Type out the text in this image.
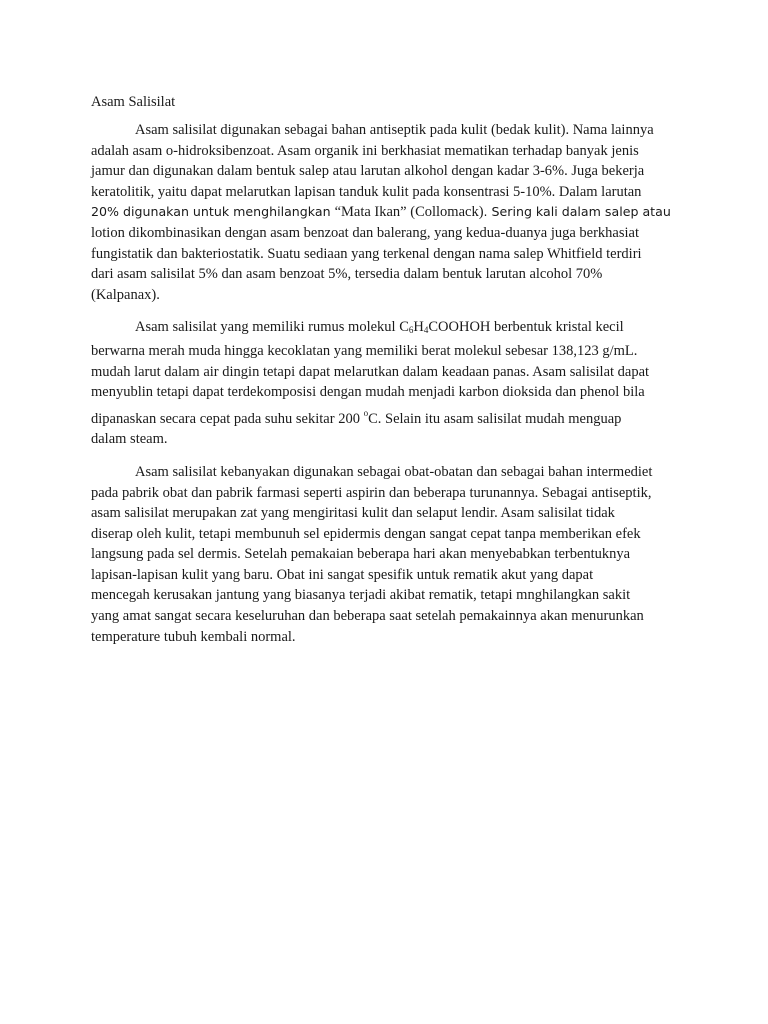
Asam Salisilat
Asam salisilat digunakan sebagai bahan antiseptik pada kulit (bedak kulit). Nama lainnya
adalah asam o-hidroksibenzoat. Asam organik ini berkhasiat mematikan terhadap banyak jenis
jamur dan digunakan dalam bentuk salep atau larutan alkohol dengan kadar 3-6%. Juga bekerja
keratolitik, yaitu dapat melarutkan lapisan tanduk kulit pada konsentrasi 5-10%. Dalam larutan
20% digunakan untuk menghilangkan “Mata Ikan” (Collomack). Sering kali dalam salep atau
lotion dikombinasikan dengan asam benzoat dan balerang, yang kedua-duanya juga berkhasiat
fungistatik dan bakteriostatik. Suatu sediaan yang terkenal dengan nama salep Whitfield terdiri
dari asam salisilat 5% dan asam benzoat 5%, tersedia dalam bentuk larutan alcohol 70%
(Kalpanax).
Asam salisilat yang memiliki rumus molekul $C_6H_4COOHOH$ berbentuk kristal kecil
berwarna merah muda hingga kecoklatan yang memiliki berat molekul sebesar 138,123 g/mL.
mudah larut dalam air dingin tetapi dapat melarutkan dalam keadaan panas. Asam salisilat dapat
menyublin tetapi dapat terdekomposisi dengan mudah menjadi karbon dioksida dan phenol bila
dipanaskan secara cepat pada suhu sekitar 200 $^o$C. Selain itu asam salisilat mudah menguap
dalam steam.
Asam salisilat kebanyakan digunakan sebagai obat-obatan dan sebagai bahan intermediet
pada pabrik obat dan pabrik farmasi seperti aspirin dan beberapa turunannya. Sebagai antiseptik,
asam salisilat merupakan zat yang mengiritasi kulit dan selaput lendir. Asam salisilat tidak
diserap oleh kulit, tetapi membunuh sel epidermis dengan sangat cepat tanpa memberikan efek
langsung pada sel dermis. Setelah pemakaian beberapa hari akan menyebabkan terbentuknya
lapisan-lapisan kulit yang baru. Obat ini sangat spesifik untuk rematik akut yang dapat
mencegah kerusakan jantung yang biasanya terjadi akibat rematik, tetapi mnghilangkan sakit
yang amat sangat secara keseluruhan dan beberapa saat setelah pemakainnya akan menurunkan
temperature tubuh kembali normal.
